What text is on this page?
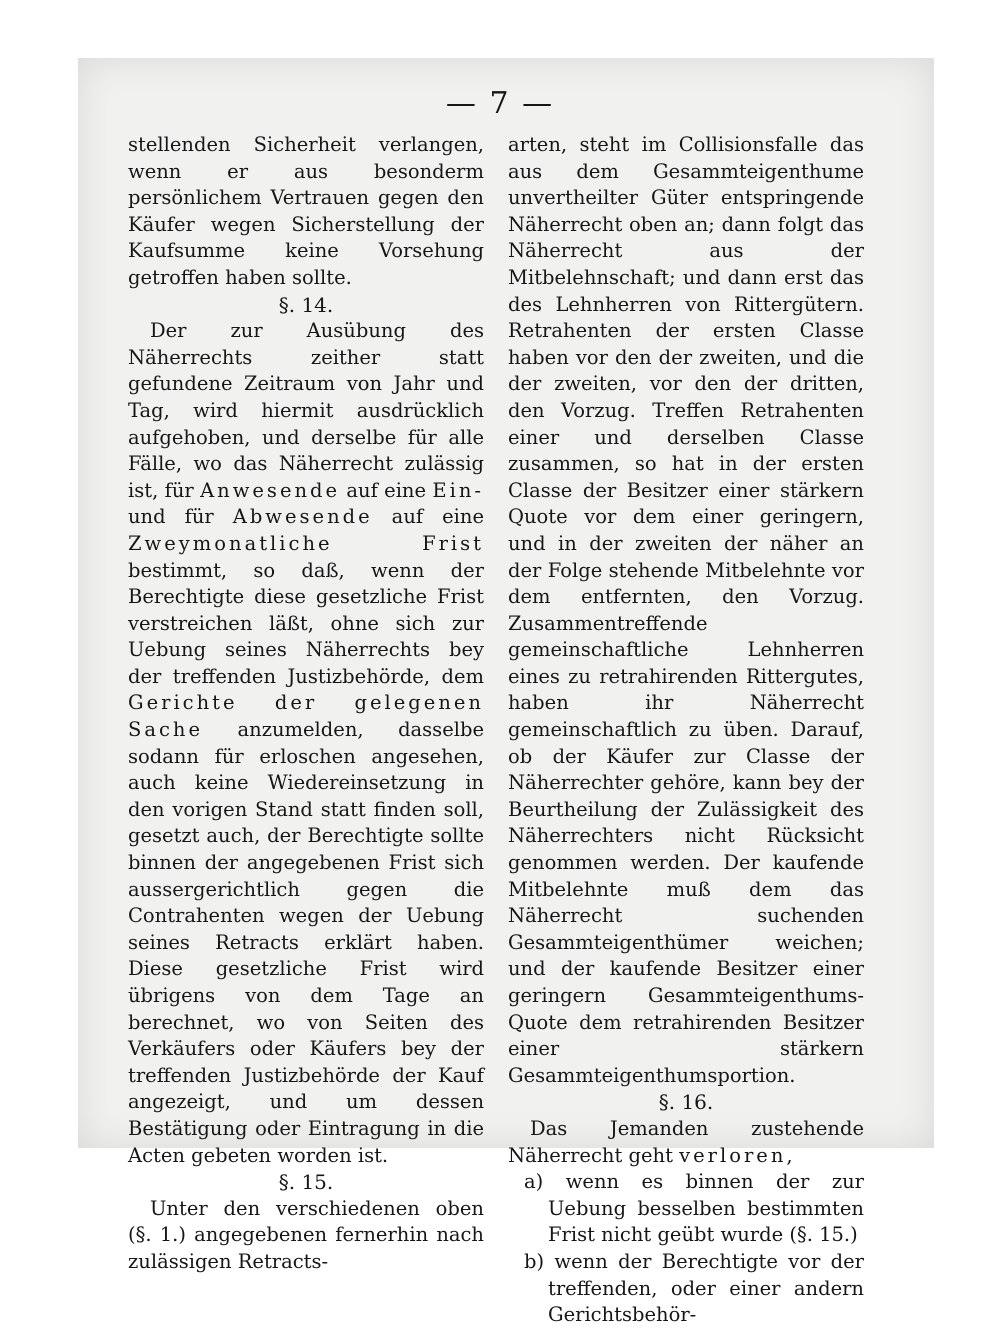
— 7 —

stellenden Sicherheit verlangen, wenn er aus besonderm persönlichem Vertrauen gegen den Käufer wegen Sicherstellung der Kaufsumme keine Vorsehung getroffen haben sollte.

§. 14.

Der zur Ausübung des Näherrechts zeither statt gefundene Zeitraum von Jahr und Tag, wird hiermit ausdrücklich aufgehoben, und derselbe für alle Fälle, wo das Näherrecht zulässig ist, für Anwesende auf eine Ein- und für Abwesende auf eine Zweymonatliche Frist bestimmt, so daß, wenn der Berechtigte diese gesetzliche Frist verstreichen läßt, ohne sich zur Uebung seines Näherrechts bey der treffenden Justizbehörde, dem Gerichte der gelegenen Sache anzumelden, dasselbe sodann für erloschen angesehen, auch keine Wiedereinsetzung in den vorigen Stand statt finden soll, gesetzt auch, der Berechtigte sollte binnen der angegebenen Frist sich aussergerichtlich gegen die Contrahenten wegen der Uebung seines Retracts erklärt haben. Diese gesetzliche Frist wird übrigens von dem Tage an berechnet, wo von Seiten des Verkäufers oder Käufers bey der treffenden Justizbehörde der Kauf angezeigt, und um dessen Bestätigung oder Eintragung in die Acten gebeten worden ist.

§. 15.

Unter den verschiedenen oben (§. 1.) angegebenen fernerhin nach zulässigen Retracts-

arten, steht im Collisionsfalle das aus dem Gesammteigenthume unvertheilter Güter entspringende Näherrecht oben an; dann folgt das Näherrecht aus der Mitbelehnschaft; und dann erst das des Lehnherren von Rittergütern. Retrahenten der ersten Classe haben vor den der zweiten, und die der zweiten, vor den der dritten, den Vorzug. Treffen Retrahenten einer und derselben Classe zusammen, so hat in der ersten Classe der Besitzer einer stärkern Quote vor dem einer geringern, und in der zweiten der näher an der Folge stehende Mitbelehnte vor dem entfernten, den Vorzug. Zusammentreffende gemeinschaftliche Lehnherren eines zu retrahirenden Rittergutes, haben ihr Näherrecht gemeinschaftlich zu üben. Darauf, ob der Käufer zur Classe der Näherrechter gehöre, kann bey der Beurtheilung der Zulässigkeit des Näherrechters nicht Rücksicht genommen werden. Der kaufende Mitbelehnte muß dem das Näherrecht suchenden Gesammteigenthümer weichen; und der kaufende Besitzer einer geringern Gesammteigenthums-Quote dem retrahirenden Besitzer einer stärkern Gesammteigenthumsportion.

§. 16.

Das Jemanden zustehende Näherrecht geht verloren,

a) wenn es binnen der zur Uebung besselben bestimmten Frist nicht geübt wurde (§. 15.)

b) wenn der Berechtigte vor der treffenden, oder einer andern Gerichtsbehör-
